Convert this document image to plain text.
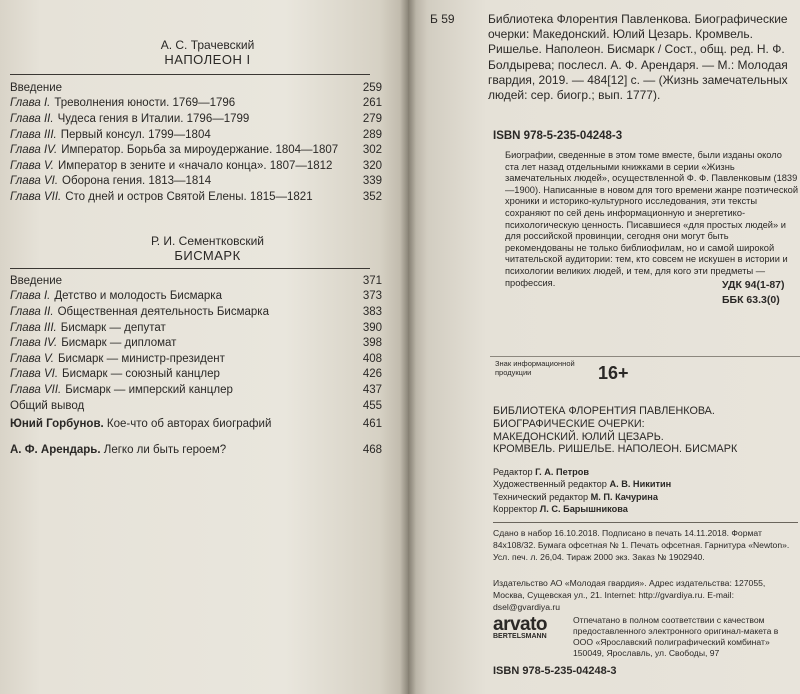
А. С. Трачевский
НАПОЛЕОН I
Введение	259
Глава I. Треволнения юности. 1769—1796	261
Глава II. Чудеса гения в Италии. 1796—1799	279
Глава III. Первый консул. 1799—1804	289
Глава IV. Император. Борьба за мироудержание. 1804—1807	302
Глава V. Император в зените и «начало конца». 1807—1812	320
Глава VI. Оборона гения. 1813—1814	339
Глава VII. Сто дней и остров Святой Елены. 1815—1821	352
Р. И. Сементковский
БИСМАРК
Введение	371
Глава I. Детство и молодость Бисмарка	373
Глава II. Общественная деятельность Бисмарка	383
Глава III. Бисмарк — депутат	390
Глава IV. Бисмарк — дипломат	398
Глава V. Бисмарк — министр-президент	408
Глава VI. Бисмарк — союзный канцлер	426
Глава VII. Бисмарк — имперский канцлер	437
Общий вывод	455
Юний Горбунов. Кое-что об авторах биографий	461
А. Ф. Арендарь. Легко ли быть героем?	468
Б 59	Библиотека Флорентия Павленкова. Биографические очерки: Македонский. Юлий Цезарь. Кромвель. Ришелье. Наполеон. Бисмарк / Сост., общ. ред. Н. Ф. Болдырева; послесл. А. Ф. Арендаря. — М.: Молодая гвардия, 2019. — 484[12] с. — (Жизнь замечательных людей: сер. биогр.; вып. 1777).
ISBN 978-5-235-04248-3
Биографии, сведенные в этом томе вместе, были изданы около ста лет назад отдельными книжками в серии «Жизнь замечательных людей», осуществленной Ф. Ф. Павленковым (1839—1900). Написанные в новом для того времени жанре поэтической хроники и историко-культурного исследования, эти тексты сохраняют по сей день информационную и энергетико-психологическую ценность. Писавшиеся «для простых людей» и для российской провинции, сегодня они могут быть рекомендованы не только библиофилам, но и самой широкой читательской аудитории: тем, кто совсем не искушен в истории и психологии великих людей, и тем, для кого эти предметы — профессия.	УДК 94(1-87)
ББК 63.3(0)
Знак информационной продукции	16+
БИБЛИОТЕКА ФЛОРЕНТИЯ ПАВЛЕНКОВА.
БИОГРАФИЧЕСКИЕ ОЧЕРКИ:
МАКЕДОНСКИЙ. ЮЛИЙ ЦЕЗАРЬ.
КРОМВЕЛЬ. РИШЕЛЬЕ. НАПОЛЕОН. БИСМАРК
Редактор Г. А. Петров
Художественный редактор А. В. Никитин
Технический редактор М. П. Качурина
Корректор Л. С. Барышникова
Сдано в набор 16.10.2018. Подписано в печать 14.11.2018. Формат 84х108/32. Бумага офсетная № 1. Печать офсетная. Гарнитура «Newton». Усл. печ. л. 26,04. Тираж 2000 экз. Заказ № 1902940.
Издательство АО «Молодая гвардия». Адрес издательства: 127055, Москва, Сущевская ул., 21. Internet: http://gvardiya.ru. E-mail: dsel@gvardiya.ru
arvato
BERTELSMANN
Отпечатано в полном соответствии с качеством предоставленного электронного оригинал-макета в ООО «Ярославский полиграфический комбинат» 150049, Ярославль, ул. Свободы, 97
ISBN 978-5-235-04248-3
